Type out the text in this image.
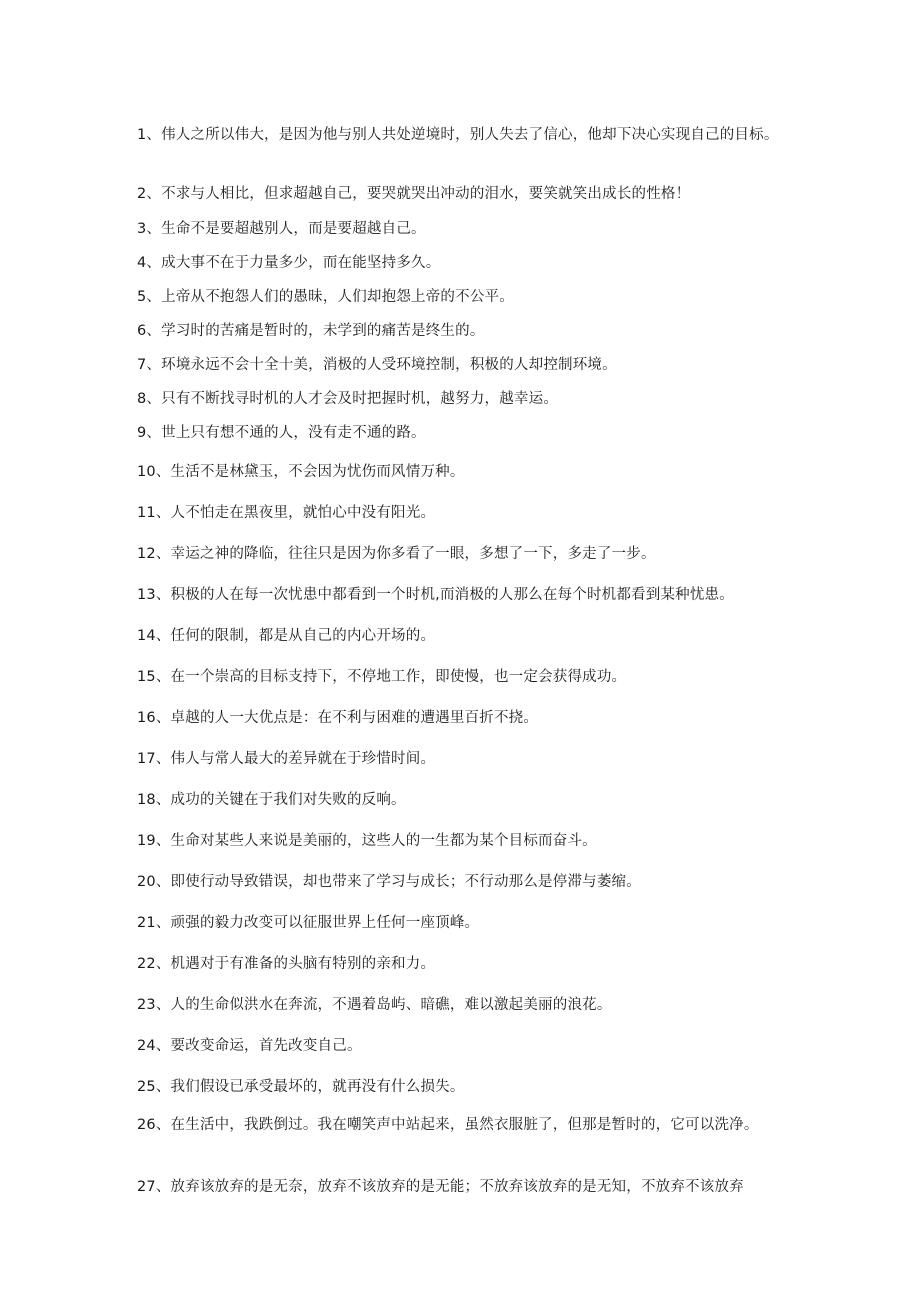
1、伟人之所以伟大，是因为他与别人共处逆境时，别人失去了信心，他却下决心实现自己的目标。

2、不求与人相比，但求超越自己，要哭就哭出冲动的泪水，要笑就笑出成长的性格！

3、生命不是要超越别人，而是要超越自己。

4、成大事不在于力量多少，而在能坚持多久。

5、上帝从不抱怨人们的愚昧，人们却抱怨上帝的不公平。

6、学习时的苦痛是暂时的，未学到的痛苦是终生的。

7、环境永远不会十全十美，消极的人受环境控制，积极的人却控制环境。

8、只有不断找寻时机的人才会及时把握时机，越努力，越幸运。

9、世上只有想不通的人，没有走不通的路。

10、生活不是林黛玉，不会因为忧伤而风情万种。

11、人不怕走在黑夜里，就怕心中没有阳光。

12、幸运之神的降临，往往只是因为你多看了一眼，多想了一下，多走了一步。

13、积极的人在每一次忧患中都看到一个时机,而消极的人那么在每个时机都看到某种忧患。

14、任何的限制，都是从自己的内心开场的。

15、在一个崇高的目标支持下，不停地工作，即使慢，也一定会获得成功。

16、卓越的人一大优点是：在不利与困难的遭遇里百折不挠。

17、伟人与常人最大的差异就在于珍惜时间。

18、成功的关键在于我们对失败的反响。

19、生命对某些人来说是美丽的，这些人的一生都为某个目标而奋斗。

20、即使行动导致错误，却也带来了学习与成长；不行动那么是停滞与萎缩。

21、顽强的毅力改变可以征服世界上任何一座顶峰。

22、机遇对于有准备的头脑有特别的亲和力。

23、人的生命似洪水在奔流，不遇着岛屿、暗礁，难以激起美丽的浪花。

24、要改变命运，首先改变自己。

25、我们假设已承受最坏的，就再没有什么损失。

26、在生活中，我跌倒过。我在嘲笑声中站起来，虽然衣服脏了，但那是暂时的，它可以洗净。

27、放弃该放弃的是无奈，放弃不该放弃的是无能；不放弃该放弃的是无知，不放弃不该放弃
